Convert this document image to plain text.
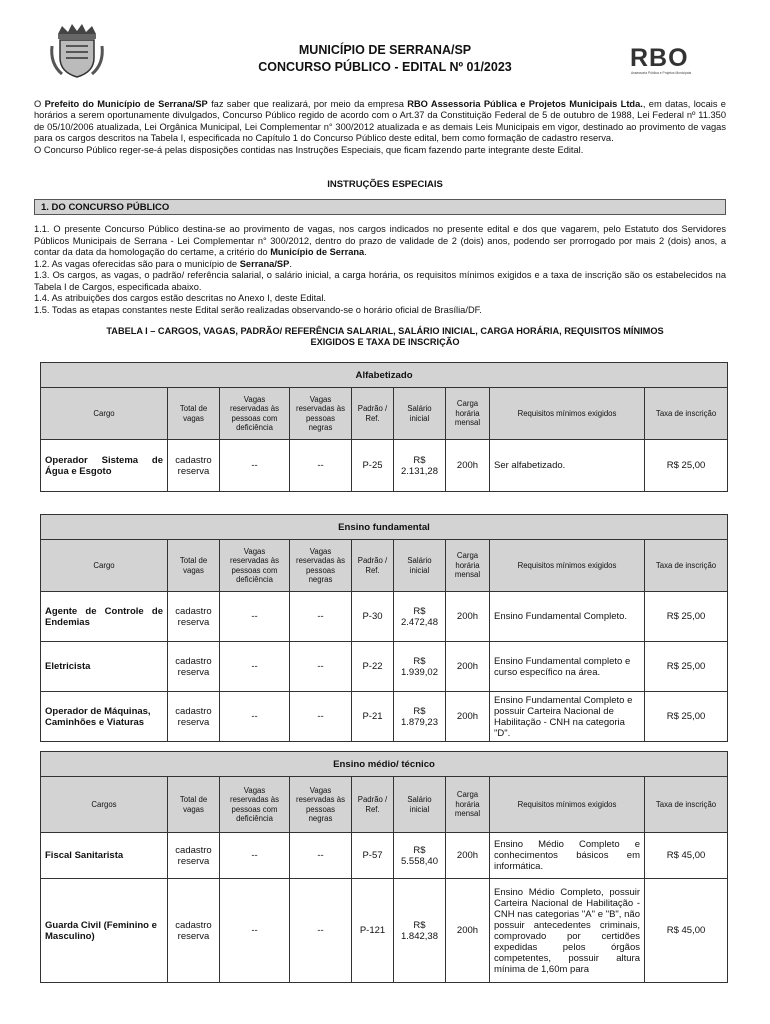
MUNICÍPIO DE SERRANA/SP
CONCURSO PÚBLICO - EDITAL Nº 01/2023	RBO
Assessoria Pública e Projetos Municipais

O Prefeito do Município de Serrana/SP faz saber que realizará, por meio da empresa RBO Assessoria Pública e Projetos Municipais Ltda., em datas, locais e horários a serem oportunamente divulgados, Concurso Público regido de acordo com o Art.37 da Constituição Federal de 5 de outubro de 1988, Lei Federal nº 11.350 de 05/10/2006 atualizada, Lei Orgânica Municipal, Lei Complementar n° 300/2012 atualizada e as demais Leis Municipais em vigor, destinado ao provimento de vagas para os cargos descritos na Tabela I, especificada no Capítulo 1 do Concurso Público deste edital, bem como formação de cadastro reserva.

O Concurso Público reger-se-á pelas disposições contidas nas Instruções Especiais, que ficam fazendo parte integrante deste Edital.

INSTRUÇÕES ESPECIAIS
1. DO CONCURSO PÚBLICO

1.1. O presente Concurso Público destina-se ao provimento de vagas, nos cargos indicados no presente edital e dos que vagarem, pelo Estatuto dos Servidores Públicos Municipais de Serrana - Lei Complementar n° 300/2012, dentro do prazo de validade de 2 (dois) anos, podendo ser prorrogado por mais 2 (dois) anos, a contar da data da homologação do certame, a critério do Município de Serrana.

1.2. As vagas oferecidas são para o município de Serrana/SP.

1.3. Os cargos, as vagas, o padrão/ referência salarial, o salário inicial, a carga horária, os requisitos mínimos exigidos e a taxa de inscrição são os estabelecidos na Tabela I de Cargos, especificada abaixo.

1.4. As atribuições dos cargos estão descritas no Anexo I, deste Edital.

1.5. Todas as etapas constantes neste Edital serão realizadas observando-se o horário oficial de Brasília/DF.

TABELA I – CARGOS, VAGAS, PADRÃO/ REFERÊNCIA SALARIAL, SALÁRIO INICIAL, CARGA HORÁRIA, REQUISITOS MÍNIMOS
EXIGIDOS E TAXA DE INSCRIÇÃO
Alfabetizado								
Cargo	Total de vagas	Vagas reservadas às pessoas com deficiência	Vagas reservadas às pessoas negras	Padrão / Ref.	Salário inicial	Carga horária mensal	Requisitos mínimos exigidos	Taxa de inscrição
Operador Sistema de Água e Esgoto	cadastro reserva	--	--	P-25	R$ 2.131,28	200h	Ser alfabetizado.	R$ 25,00
Ensino fundamental								
Cargo	Total de vagas	Vagas reservadas às pessoas com deficiência	Vagas reservadas às pessoas negras	Padrão / Ref.	Salário inicial	Carga horária mensal	Requisitos mínimos exigidos	Taxa de inscrição
Agente de Controle de Endemias	cadastro reserva	--	--	P-30	R$ 2.472,48	200h	Ensino Fundamental Completo.	R$ 25,00
Eletricista	cadastro reserva	--	--	P-22	R$ 1.939,02	200h	Ensino Fundamental completo e curso específico na área.	R$ 25,00
Operador de Máquinas, Caminhões e Viaturas	cadastro reserva	--	--	P-21	R$ 1.879,23	200h	Ensino Fundamental Completo e possuir Carteira Nacional de Habilitação - CNH na categoria "D".	R$ 25,00
Ensino médio/ técnico								
Cargos	Total de vagas	Vagas reservadas às pessoas com deficiência	Vagas reservadas às pessoas negras	Padrão / Ref.	Salário inicial	Carga horária mensal	Requisitos mínimos exigidos	Taxa de inscrição
Fiscal Sanitarista	cadastro reserva	--	--	P-57	R$ 5.558,40	200h	Ensino Médio Completo e conhecimentos básicos em informática.	R$ 45,00
Guarda Civil (Feminino e Masculino)	cadastro reserva	--	--	P-121	R$ 1.842,38	200h	Ensino Médio Completo, possuir Carteira Nacional de Habilitação - CNH nas categorias "A" e "B", não possuir antecedentes criminais, comprovado por certidões expedidas pelos órgãos competentes, possuir altura mínima de 1,60m para	R$ 45,00
